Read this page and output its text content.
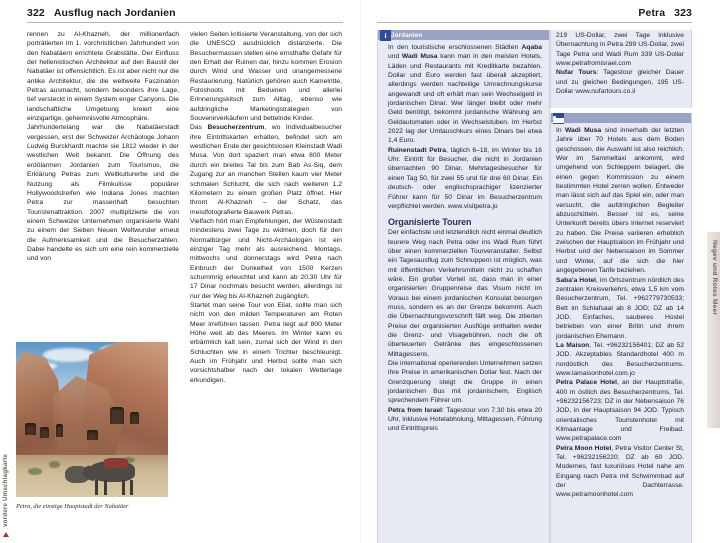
322 Ausflug nach Jordanien

rennen zu Al-Khazneh, der millionenfach porträtierten im 1. vorchristlichen Jahrhundert von den Nabatäern errichtete Grabstätte. Der Einfluss der hellenistischen Architektur auf den Baustil der Nabatäer ist offensichtlich. Es ist aber nicht nur die antike Architektur, die die weltweite Faszination Petras ausmacht, sondern besonders ihre Lage, tief versteckt in einem System enger Canyons. Die landschaftliche Umgebung kreiert eine einzigartige, geheimnisvolle Atmosphäre.

Jahrhundertelang war die Nabatäerstadt vergessen, erst der Schweizer Archäologe Johann Ludwig Burckhardt machte sie 1812 wieder in der westlichen Welt bekannt. Die Öffnung des erdölarmen Jordanien zum Tourismus, die Erklärung Petras zum Weltkulturerbe und die Nutzung als Filmkulisse populärer Hollywoodstreifen wie Indiana Jones machten Petra zur massenhaft besuchten Touristenattraktion. 2007 multiplizierte die von einem Schweizer Unternehmen organisierte Wahl zu einem der Sieben Neuen Weltwunder erneut die Aufmerksamkeit und die Besucherzahlen. Dabei handelte es sich um eine rein kommerzielle und von

vielen Seiten kritisierte Veranstaltung, von der sich die UNESCO ausdrücklich distanzierte. Die Besuchermassen stellen eine ernsthafte Gefahr für den Erhalt der Ruinen dar, hinzu kommen Erosion durch Wind und Wasser und unangemessene Restaurierung. Natürlich gehören auch Kamelritte, Fotoshoots mit Beduinen und allerlei Erinnerungskitsch zum Alltag, ebenso wie aufdringliche Marketingstrategien von Souvenirverkäufern und bettelnde Kinder.

Das Besucherzentrum, wo Individualbesucher ihre Eintrittskarten erhalten, befindet sich am westlichen Ende der gesichtslosen Kleinstadt Wadi Musa. Von dort spaziert man etwa 800 Meter durch ein breites Tal bis zum Bab As-Siq, dem Zugang zur an manchen Stellen kaum vier Meter schmalen Schlucht, die sich nach weiteren 1,2 Kilometern zu einem großen Platz öffnet. Hier thront Al-Khazneh – der Schatz, das meistfotografierte Bauwerk Petras.

Vielfach hört man Empfehlungen, der Wüstenstadt mindestens zwei Tage zu widmen, doch für den Normalbürger und Nicht-Archäologen ist ein einziger Tag mehr als ausreichend. Montags, mittwochs und donnerstags wird Petra nach Einbruch der Dunkelheit von 1500 Kerzen schummrig erleuchtet und kann ab 20.30 Uhr für 17 Dinar nochmals besucht werden, allerdings ist nur der Weg bis Al-Khazneh zugänglich.

Startet man seine Tour von Eilat, sollte man sich nicht von den milden Temperaturen am Roten Meer irreführen lassen. Petra liegt auf 800 Meter Höhe weit ab des Meeres. Im Winter kann es erbärmlich kalt sein, zumal sich der Wind in den Schluchten wie in einem Trichter beschleunigt. Auch im Frühjahr und Herbst sollte man sich vorsichtshalber nach der lokalen Wetterlage erkundigen.

Petra, die einstige Hauptstadt der Nabatäer
vordere Umschlagkarte
Petra 323
Jordanien
i

In den touristische erschlossenen Städten Aqaba und Wadi Musa kann man in den meisten Hotels, Läden und Restaurants mit Kreditkarte bezahlen. Dollar und Euro werden fast überall akzeptiert, allerdings werden nachteilige Umrechnungskurse angewandt und oft erhält man sein Wechselgeld in jordanischen Dinar. Wer länger bleibt oder mehr Geld benötigt, bekommt jordanische Währung am Geldautomaten oder in Wechselstuben. Im Herbst 2022 lag der Umtauschkurs eines Dinars bei etwa 1,4 Euro.

Ruinenstadt Petra, täglich 6–18, im Winter bis 16 Uhr. Eintritt für Besucher, die nicht in Jordanien übernachten 90 Dinar, Mehrtagesbesucher für einen Tag 50, für zwei 55 und für drei 60 Dinar. Ein deutsch- oder englischsprachiger lizenzierter Führer kann für 50 Dinar im Besucherzentrum verpflichtet werden. www.visitpetra.jo

Organisierte Touren

Der einfachste und letztendlich nicht einmal deutlich teurere Weg nach Petra oder ins Wadi Rum führt über einen kommerziellen Tourveranstalter. Selbst ein Tagesausflug zum Schnuppern ist möglich, was mit öffentlichen Verkehrsmitteln nicht zu schaffen wäre. Ein großer Vorteil ist, dass man in einer organisierten Gruppenreise das Visum nicht im Voraus bei einem jordanischen Konsulat besorgen muss, sondern es an der Grenze bekommt. Auch die Übernachtungsvorschrift fällt weg. Die zitierten Preise der organisierten Ausflüge enthalten weder die Grenz- und Visagebühren, noch die oft überteuerten Getränke des eingeschlossenen Mittagessens.

Die international operierenden Unternehmen setzen ihre Preise in amerikanischen Dollar fest. Nach der Grenzquerung steigt die Gruppe in einen jordanischen Bus mit jordanischem, Englisch sprechendem Führer um.

Petra from Israel: Tagestour von 7.30 bis etwa 20 Uhr, inklusive Hotelabholung, Mittagessen, Führung und Eintrittspreis

219 US-Dollar, zwei Tage inklusive Übernachtung in Petra 299 US-Dollar, zwei Tage Petra und Wadi Rum 339 US-Dollar www.petrafromisrael.com

Nufar Tours: Tagestour gleicher Dauer und zu gleichen Bedingungen, 195 US-Dollar www.nufartours.co.il

In Wadi Musa sind innerhalb der letzten Jahre über 70 Hotels aus dem Boden geschossen, die Auswahl ist also reichlich. Wer im Sammeltaxi ankommt, wird umgehend von Schleppern belagert, die einen gegen Kommission zu einem bestimmten Hotel zerren wollen. Entweder man lässt sich auf das Spiel ein, oder man versucht, die aufdringlichen Begleiter abzuschütteln. Besser ist es, seine Unterkunft bereits übers Internet reserviert zu haben. Die Preise variieren erheblich zwischen der Hauptsaison im Frühjahr und Herbst und der Nebensaison im Sommer und Winter, auf die sich die hier angegebenen Tarife beziehen.

Saba'a Hotel, im Ortszentrum nördlich des zentralen Kreisverkehrs, etwa 1,5 km vom Besucherzentrum, Tel. +962779730533; Bett im Schlafsaal ab 8 JOD; DZ ab 14 JOD. Einfaches, sauberes Hostel betrieben von einer Britin und ihrem jordanischen Ehemann.

La Maison, Tel. +96232156401; DZ ab 52 JOD. Akzeptables Standardhotel 400 m nordöstlich des Besucherzentrums. www.lamaisonhotel.com.jo

Petra Palace Hotel, an der Hauptstraße, 400 m östlich des Besucherzentrums, Tel. +96232156723; DZ in der Nebensaison 76 JOD, in der Hauptsaison 94 JOD. Typisch orientalisches Touristenhotel mit Klimaanlage und Freibad. www.petrapalace.com

Petra Moon Hotel, Petra Visitor Center St, Tel. +96232156220; DZ ab 60 JOD. Modernes, fast luxuriöses Hotel nahe am Eingang nach Petra mit Schwimmbad auf der Dachterrasse. www.petramoonhotel.com

Negev und Rotes Meer
